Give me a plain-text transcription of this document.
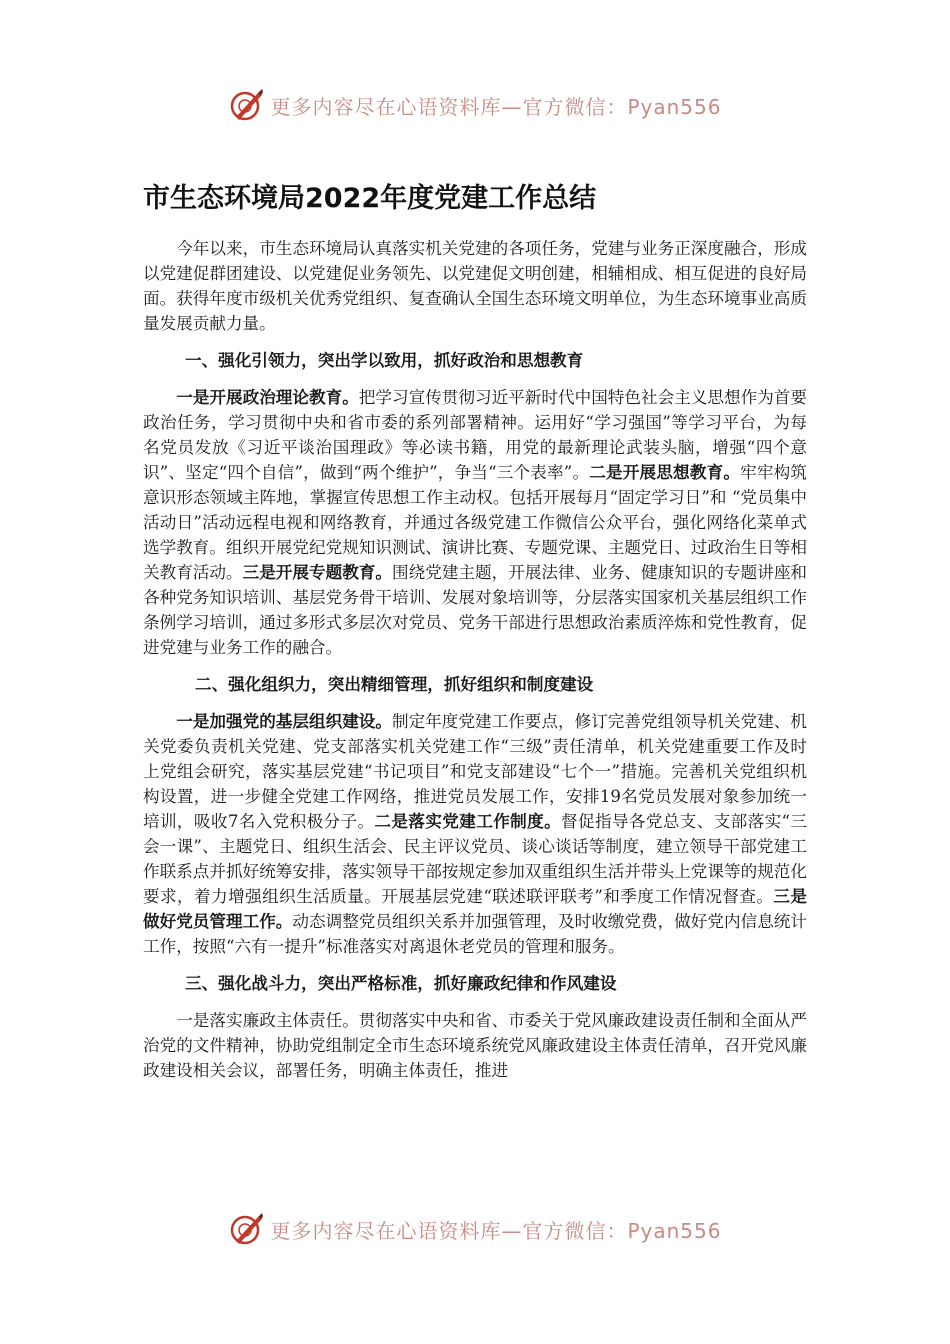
更多内容尽在心语资料库—官方微信：Pyan556
市生态环境局2022年度党建工作总结

今年以来，市生态环境局认真落实机关党建的各项任务，党建与业务正深度融合，形成以党建促群团建设、以党建促业务领先、以党建促文明创建，相辅相成、相互促进的良好局面。获得年度市级机关优秀党组织、复查确认全国生态环境文明单位，为生态环境事业高质量发展贡献力量。

一、强化引领力，突出学以致用，抓好政治和思想教育

一是开展政治理论教育。把学习宣传贯彻习近平新时代中国特色社会主义思想作为首要政治任务，学习贯彻中央和省市委的系列部署精神。运用好“学习强国”等学习平台，为每名党员发放《习近平谈治国理政》等必读书籍，用党的最新理论武装头脑，增强“四个意识”、坚定“四个自信”，做到“两个维护”，争当“三个表率”。二是开展思想教育。牢牢构筑意识形态领域主阵地，掌握宣传思想工作主动权。包括开展每月“固定学习日”和 “党员集中活动日”活动远程电视和网络教育，并通过各级党建工作微信公众平台，强化网络化菜单式选学教育。组织开展党纪党规知识测试、演讲比赛、专题党课、主题党日、过政治生日等相关教育活动。三是开展专题教育。围绕党建主题，开展法律、业务、健康知识的专题讲座和各种党务知识培训、基层党务骨干培训、发展对象培训等，分层落实国家机关基层组织工作条例学习培训，通过多形式多层次对党员、党务干部进行思想政治素质淬炼和党性教育，促进党建与业务工作的融合。

二、强化组织力，突出精细管理，抓好组织和制度建设

一是加强党的基层组织建设。制定年度党建工作要点，修订完善党组领导机关党建、机关党委负责机关党建、党支部落实机关党建工作“三级”责任清单，机关党建重要工作及时上党组会研究，落实基层党建“书记项目”和党支部建设“七个一”措施。完善机关党组织机构设置，进一步健全党建工作网络，推进党员发展工作，安排19名党员发展对象参加统一培训，吸收7名入党积极分子。二是落实党建工作制度。督促指导各党总支、支部落实“三会一课”、主题党日、组织生活会、民主评议党员、谈心谈话等制度，建立领导干部党建工作联系点并抓好统筹安排，落实领导干部按规定参加双重组织生活并带头上党课等的规范化要求，着力增强组织生活质量。开展基层党建“联述联评联考”和季度工作情况督查。三是做好党员管理工作。动态调整党员组织关系并加强管理，及时收缴党费，做好党内信息统计工作，按照“六有一提升”标准落实对离退休老党员的管理和服务。

三、强化战斗力，突出严格标准，抓好廉政纪律和作风建设

一是落实廉政主体责任。贯彻落实中央和省、市委关于党风廉政建设责任制和全面从严治党的文件精神，协助党组制定全市生态环境系统党风廉政建设主体责任清单，召开党风廉政建设相关会议，部署任务，明确主体责任，推进

更多内容尽在心语资料库—官方微信：Pyan556
